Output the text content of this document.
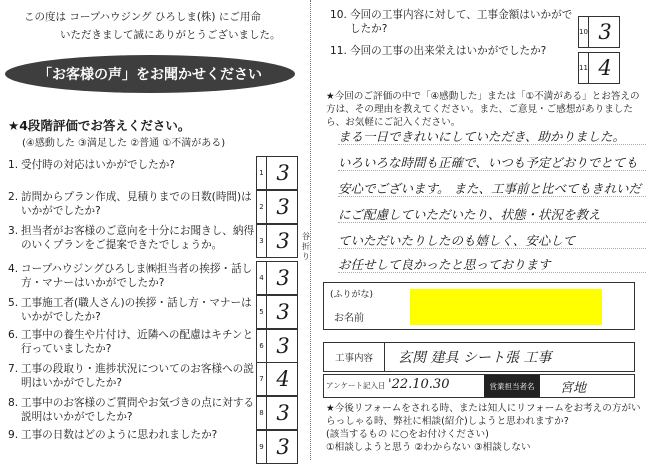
この度は コープハウジング ひろしま(株) にご用命
いただきまして誠にありがとうございました。
「お客様の声」をお聞かせください
★4段階評価でお答えください。
(④感動した ③満足した ②普通 ①不満がある)
1. 受付時の対応はいかがでしたか?
1 3
2. 訪問からプラン作成、見積りまでの日数(時間)はいかがでしたか?	2 3
3. 担当者がお客様のご意向を十分にお聞きし、納得のいくプランをご提案できたでしょうか。	3 3
4. コープハウジングひろしま㈱担当者の挨拶・話し方・マナーはいかがでしたか?	4 3
5. 工事施工者(職人さん)の挨拶・話し方・マナーはいかがでしたか?	5 3
6. 工事中の養生や片付け、近隣への配慮はキチンと行っていましたか?	6 3
7. 工事の段取り・進捗状況についてのお客様への説明はいかがでしたか?	7 4
8. 工事中のお客様のご質問やお気づきの点に対する説明はいかがでしたか?	8 3
9. 工事の日数はどのように思われましたか?
9 3
谷折り
10. 今回の工事内容に対して、工事金額はいかがでしたか?	10 3
11. 今回の工事の出来栄えはいかがでしたか?
11 4
★今回のご評価の中で「④感動した」または「①不満がある」とお答えの方は、その理由を教えてください。また、ご意見・ご感想がありましたら、お気軽にご記入ください。
まる一日できれいにしていただき、助かりました。
いろいろな時間も正確で、いつも予定どおりでとても
安心でございます。 また、工事前と比べてもきれいだ
にご配慮していただいたり、状態・状況を教え
ていただいたりしたのも嬉しく、安心して
お任せして良かったと思っております
(ふりがな)
お名前
工事内容	玄関 建具 シート張 工事
アンケート記入日 '22.10.30	営業担当者名	宮地
★今後リフォームをされる時、または知人にリフォームをお考えの方がいらっしゃる時、弊社に相談(紹介)しようと思われますか?
(該当するもの に○をお付けください)
①相談しようと思う ②わからない ③相談しない
